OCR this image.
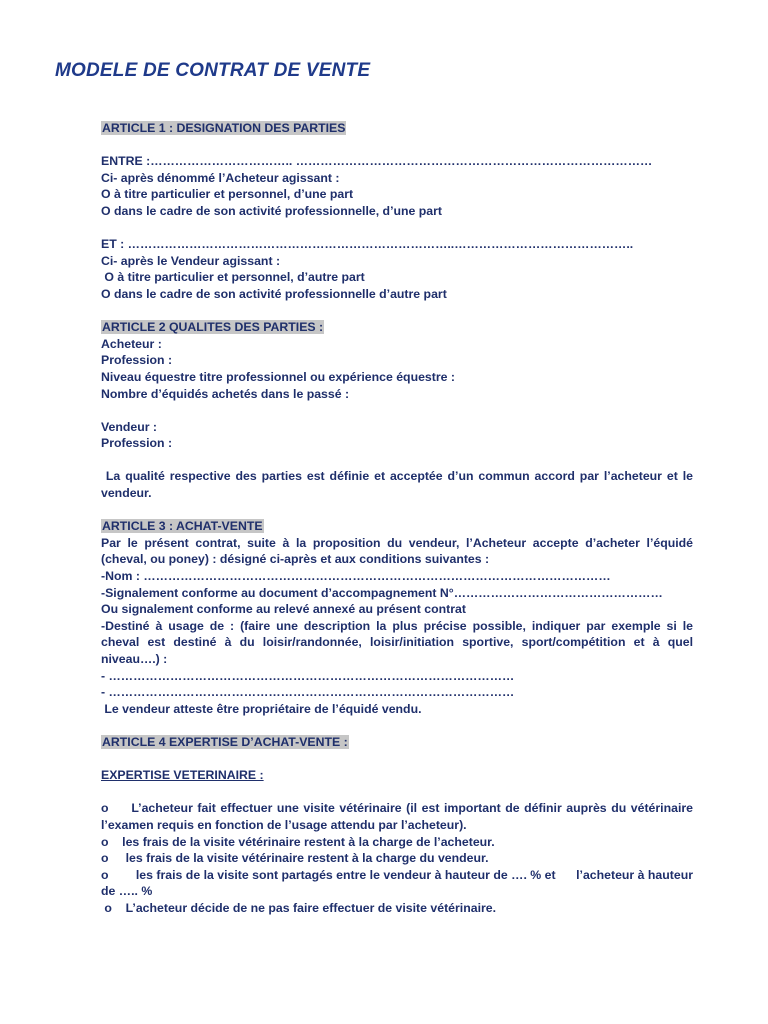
MODELE DE CONTRAT DE VENTE
ARTICLE 1 : DESIGNATION DES PARTIES
ENTRE :…………………………….. ……………………………………………………………………………
Ci- après dénommé l’Acheteur agissant :
O à titre particulier et personnel, d’une part
O dans le cadre de son activité professionnelle, d’une part
ET : ……………………………………………………………………..……………………………………..
Ci- après le Vendeur agissant :
O à titre particulier et personnel, d’autre part
O dans le cadre de son activité professionnelle d’autre part
ARTICLE 2 QUALITES DES PARTIES :
Acheteur :
Profession :
Niveau équestre titre professionnel ou expérience équestre :
Nombre d’équidés achetés dans le passé :
Vendeur :
Profession :
La qualité respective des parties est définie et acceptée d’un commun accord par l’acheteur et le vendeur.
ARTICLE 3 : ACHAT-VENTE
Par le présent contrat, suite à la proposition du vendeur, l’Acheteur accepte d’acheter l’équidé (cheval, ou poney) : désigné ci-après et aux conditions suivantes :
-Nom : ……………………………………………………………………………………………………
-Signalement conforme au document d’accompagnement N°……………………………………………
Ou signalement conforme au relevé annexé au présent contrat
-Destiné à usage de : (faire une description la plus précise possible, indiquer par exemple si le cheval est destiné à du loisir/randonnée, loisir/initiation sportive, sport/compétition et à quel niveau….) :
- ………………………………………………………………………………………
- ………………………………………………………………………………………
Le vendeur atteste être propriétaire de l’équidé vendu.
ARTICLE 4 EXPERTISE D’ACHAT-VENTE :
EXPERTISE VETERINAIRE :
o     L’acheteur fait effectuer une visite vétérinaire (il est important de définir auprès du vétérinaire l’examen requis en fonction de l’usage attendu par l’acheteur).
o    les frais de la visite vétérinaire restent à la charge de l’acheteur.
o     les frais de la visite vétérinaire restent à la charge du vendeur.
o        les frais de la visite sont partagés entre le vendeur à hauteur de …. % et      l’acheteur à hauteur de ….. %
o    L’acheteur décide de ne pas faire effectuer de visite vétérinaire.
